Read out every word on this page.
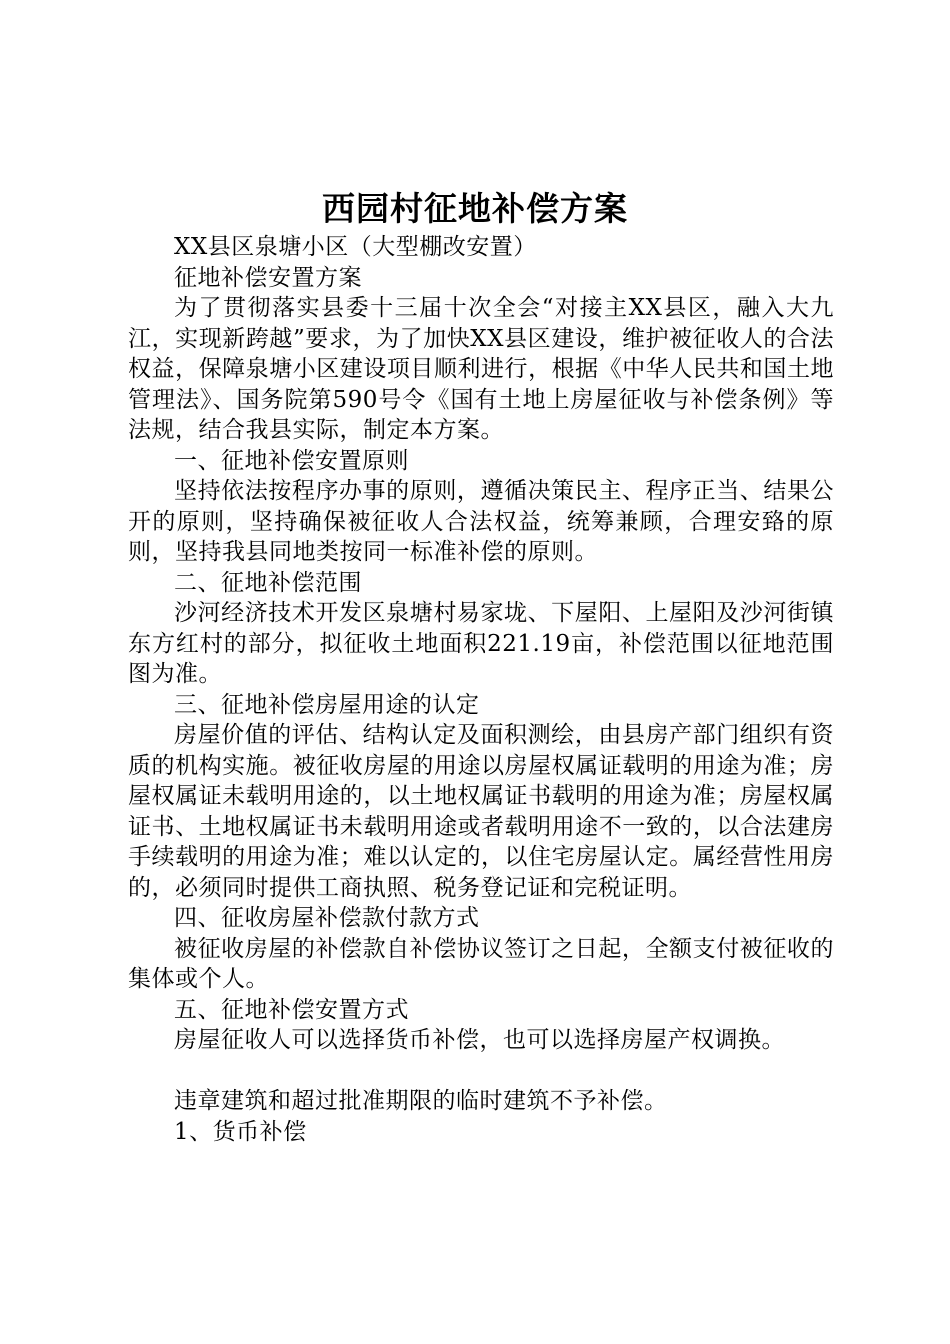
西园村征地补偿方案

XX县区泉塘小区（大型棚改安置）

征地补偿安置方案

为了贯彻落实县委十三届十次全会“对接主XX县区，融入大九江，实现新跨越”要求，为了加快XX县区建设，维护被征收人的合法权益，保障泉塘小区建设项目顺利进行，根据《中华人民共和国土地管理法》、国务院第590号令《国有土地上房屋征收与补偿条例》等法规，结合我县实际，制定本方案。

一、征地补偿安置原则

坚持依法按程序办事的原则，遵循决策民主、程序正当、结果公开的原则，坚持确保被征收人合法权益，统筹兼顾，合理安臵的原则，坚持我县同地类按同一标准补偿的原则。

二、征地补偿范围

沙河经济技术开发区泉塘村易家垅、下屋阳、上屋阳及沙河街镇东方红村的部分，拟征收土地面积221.19亩，补偿范围以征地范围图为准。

三、征地补偿房屋用途的认定

房屋价值的评估、结构认定及面积测绘，由县房产部门组织有资质的机构实施。被征收房屋的用途以房屋权属证载明的用途为准；房屋权属证未载明用途的，以土地权属证书载明的用途为准；房屋权属证书、土地权属证书未载明用途或者载明用途不一致的，以合法建房手续载明的用途为准；难以认定的，以住宅房屋认定。属经营性用房的，必须同时提供工商执照、税务登记证和完税证明。

四、征收房屋补偿款付款方式

被征收房屋的补偿款自补偿协议签订之日起，全额支付被征收的集体或个人。

五、征地补偿安置方式

房屋征收人可以选择货币补偿，也可以选择房屋产权调换。

违章建筑和超过批准期限的临时建筑不予补偿。

1、货币补偿
